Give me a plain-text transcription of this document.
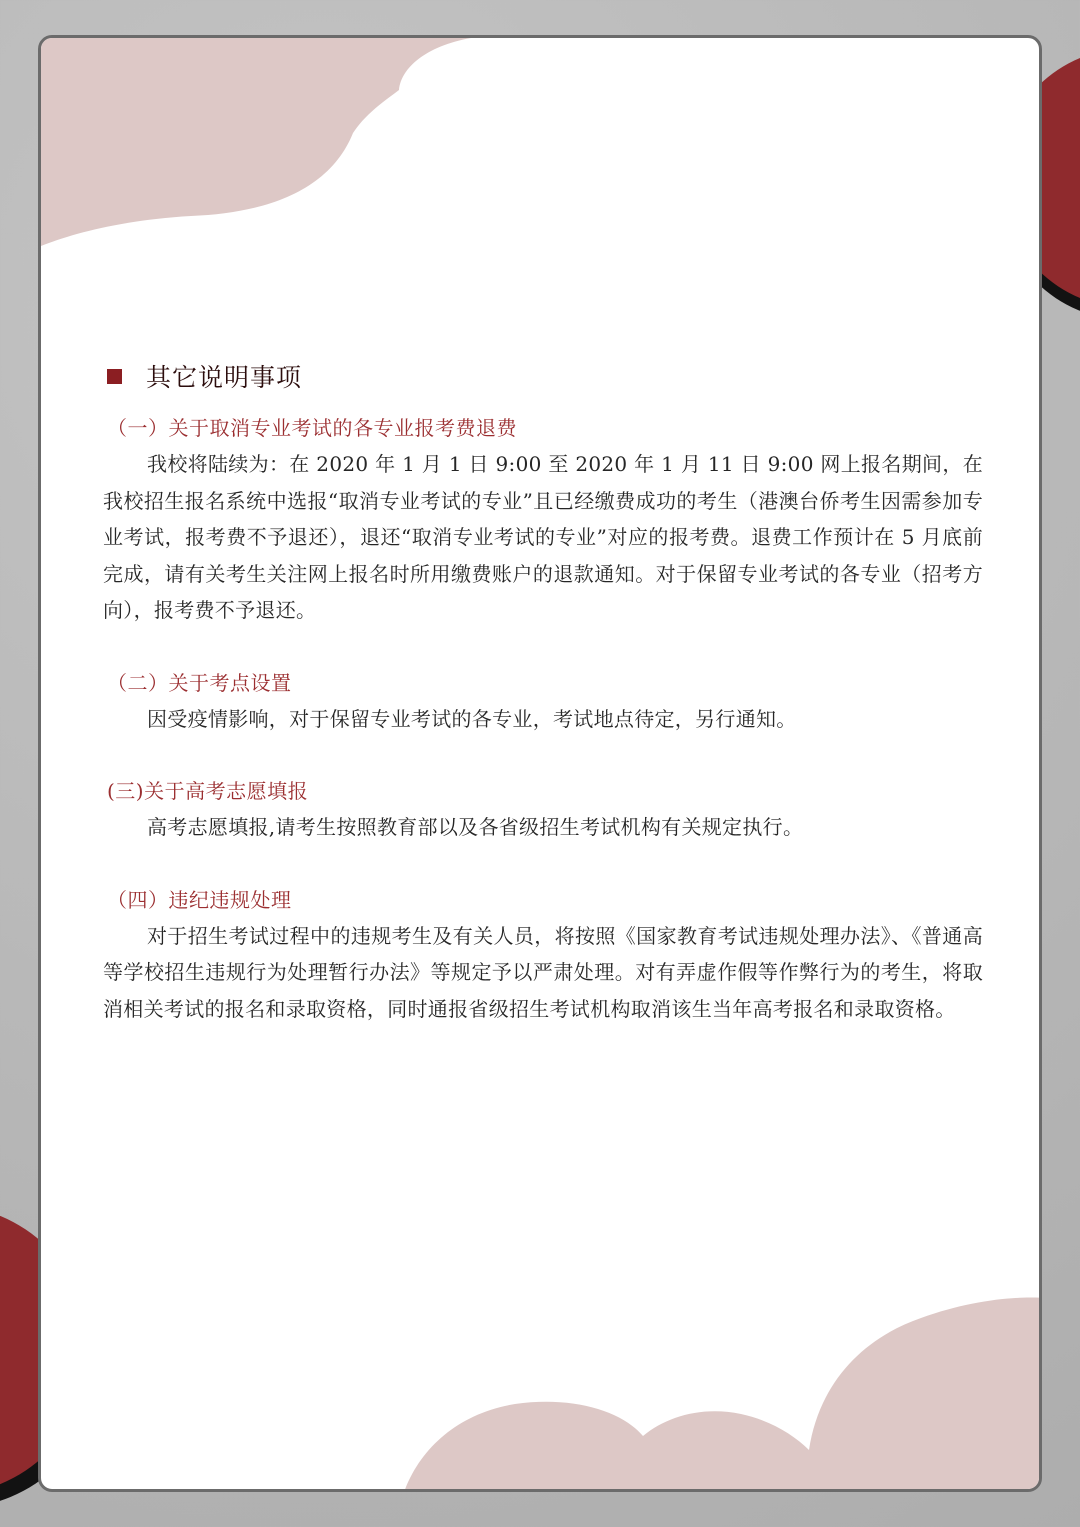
其它说明事项

（一）关于取消专业考试的各专业报考费退费

我校将陆续为：在 2020 年 1 月 1 日 9:00 至 2020 年 1 月 11 日 9:00 网上报名期间，在我校招生报名系统中选报“取消专业考试的专业”且已经缴费成功的考生（港澳台侨考生因需参加专业考试，报考费不予退还），退还“取消专业考试的专业”对应的报考费。退费工作预计在 5 月底前完成，请有关考生关注网上报名时所用缴费账户的退款通知。对于保留专业考试的各专业（招考方向），报考费不予退还。

（二）关于考点设置

因受疫情影响，对于保留专业考试的各专业，考试地点待定，另行通知。

(三)关于高考志愿填报

高考志愿填报,请考生按照教育部以及各省级招生考试机构有关规定执行。

（四）违纪违规处理

对于招生考试过程中的违规考生及有关人员，将按照《国家教育考试违规处理办法》、《普通高等学校招生违规行为处理暂行办法》等规定予以严肃处理。对有弄虚作假等作弊行为的考生，将取消相关考试的报名和录取资格，同时通报省级招生考试机构取消该生当年高考报名和录取资格。
